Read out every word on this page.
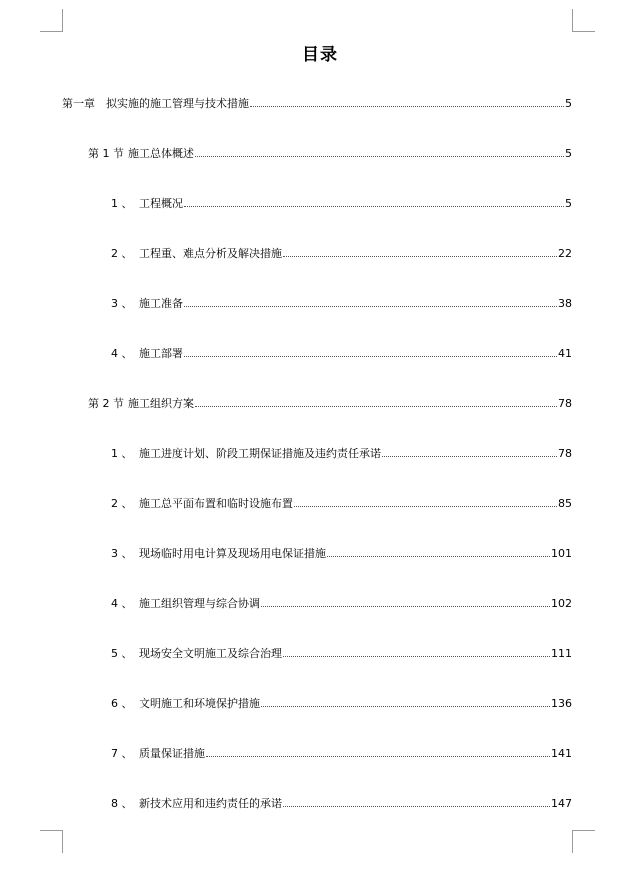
目录
第一章	拟实施的施工管理与技术措施	5
第 1 节 施工总体概述	5
1 、 工程概况	5
2 、 工程重、难点分析及解决措施	22
3 、 施工准备	38
4 、 施工部署	41
第 2 节 施工组织方案	78
1 、 施工进度计划、阶段工期保证措施及违约责任承诺	78
2 、 施工总平面布置和临时设施布置	85
3 、 现场临时用电计算及现场用电保证措施	101
4 、 施工组织管理与综合协调	102
5 、 现场安全文明施工及综合治理	111
6 、 文明施工和环境保护措施	136
7 、 质量保证措施	141
8 、 新技术应用和违约责任的承诺	147
